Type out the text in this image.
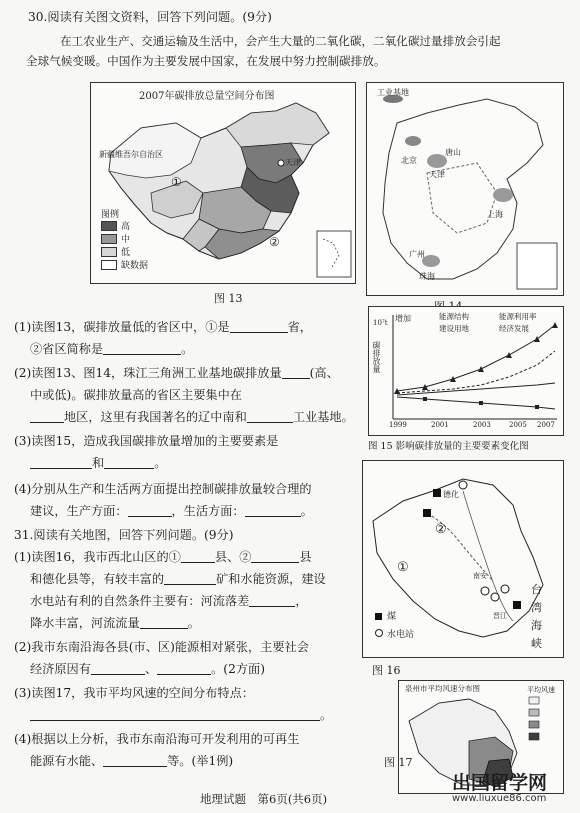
30.阅读有关图文资料，回答下列问题。(9分)
在工农业生产、交通运输及生活中，会产生大量的二氧化碳，二氧化碳过量排放会引起
全球气候变暖。中国作为主要发展中国家，在发展中努力控制碳排放。
2007年碳排放总量空间分布图
新疆维吾尔自治区
①
②
天津
图例
高
中
低
缺数据
图 13
工业基地
北京
天津
唐山
上海
广州
珠海
(1)读图13，碳排放量低的省区中，①是	省，
②省区简称是	。
(2)读图13、图14，珠江三角洲工业基地碳排放量 (高、
中或低)。碳排放量高的省区主要集中在
地区，这里有我国著名的辽中南和	工业基地。
(3)读图15，造成我国碳排放量增加的主要要素是
和	。
(4)分别从生产和生活两方面提出控制碳排放量较合理的
建议，生产方面：	，生活方面：	。
碳排放量
10⁷t 增加	能源结构	能源利用率
建设用地	经济发展
1999	2001	2003	2005 2007
图 15 影响碳排放量的主要要素变化图
31.阅读有关地图，回答下列问题。(9分)
(1)读图16，我市西北山区的①	县、②	县
和德化县等，有较丰富的	矿和水能资源，建设
水电站有利的自然条件主要有：河流落差	，
降水丰富，河流流量	。
(2)我市东南沿海各县(市、区)能源相对紧张，主要社会
经济原因有	、	。(2方面)
(3)读图17，我市平均风速的空间分布特点：
。
(4)根据以上分析，我市东南沿海可开发利用的可再生
能源有水能、	等。(举1例)
①
②
德化
台
湾
海
峡
南安
晋江
煤
水电站
图 16
泉州市平均风速分布图	平均风速
图 17
地理试题　第6页(共6页)
出国留学网
www.liuxue86.com
